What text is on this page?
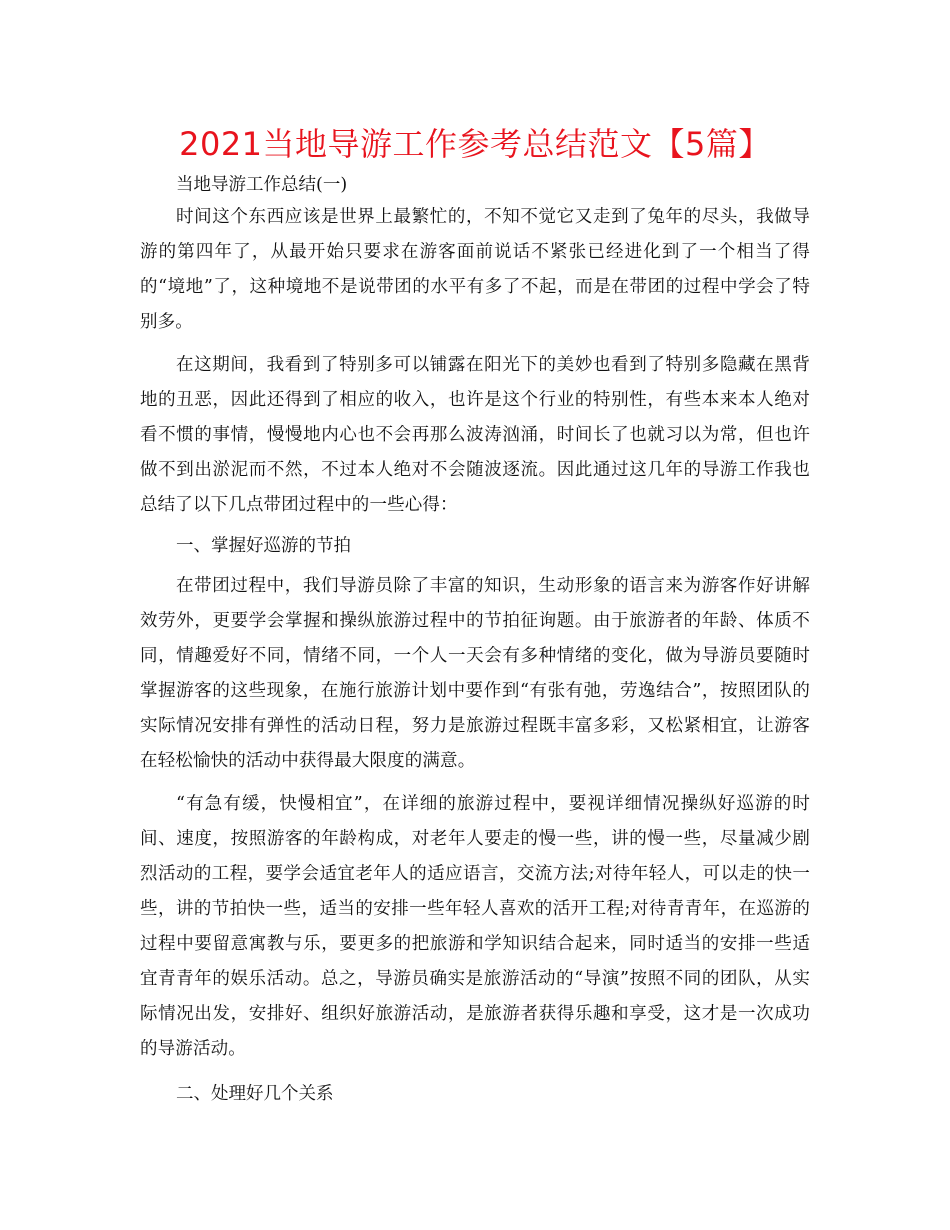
2021当地导游工作参考总结范文【5篇】
当地导游工作总结(一)

时间这个东西应该是世界上最繁忙的，不知不觉它又走到了兔年的尽头，我做导游的第四年了，从最开始只要求在游客面前说话不紧张已经进化到了一个相当了得的“境地”了，这种境地不是说带团的水平有多了不起，而是在带团的过程中学会了特别多。

在这期间，我看到了特别多可以铺露在阳光下的美妙也看到了特别多隐藏在黑背地的丑恶，因此还得到了相应的收入，也许是这个行业的特别性，有些本来本人绝对看不惯的事情，慢慢地内心也不会再那么波涛汹涌，时间长了也就习以为常，但也许做不到出淤泥而不然，不过本人绝对不会随波逐流。因此通过这几年的导游工作我也总结了以下几点带团过程中的一些心得：

一、掌握好巡游的节拍

在带团过程中，我们导游员除了丰富的知识，生动形象的语言来为游客作好讲解效劳外，更要学会掌握和操纵旅游过程中的节拍征询题。由于旅游者的年龄、体质不同，情趣爱好不同，情绪不同，一个人一天会有多种情绪的变化，做为导游员要随时掌握游客的这些现象，在施行旅游计划中要作到“有张有弛，劳逸结合”，按照团队的实际情况安排有弹性的活动日程，努力是旅游过程既丰富多彩，又松紧相宜，让游客在轻松愉快的活动中获得最大限度的满意。

“有急有缓，快慢相宜”，在详细的旅游过程中，要视详细情况操纵好巡游的时间、速度，按照游客的年龄构成，对老年人要走的慢一些，讲的慢一些，尽量减少剧烈活动的工程，要学会适宜老年人的适应语言，交流方法;对待年轻人，可以走的快一些，讲的节拍快一些，适当的安排一些年轻人喜欢的活开工程;对待青青年，在巡游的过程中要留意寓教与乐，要更多的把旅游和学知识结合起来，同时适当的安排一些适宜青青年的娱乐活动。总之，导游员确实是旅游活动的“导演”按照不同的团队，从实际情况出发，安排好、组织好旅游活动，是旅游者获得乐趣和享受，这才是一次成功的导游活动。

二、处理好几个关系
